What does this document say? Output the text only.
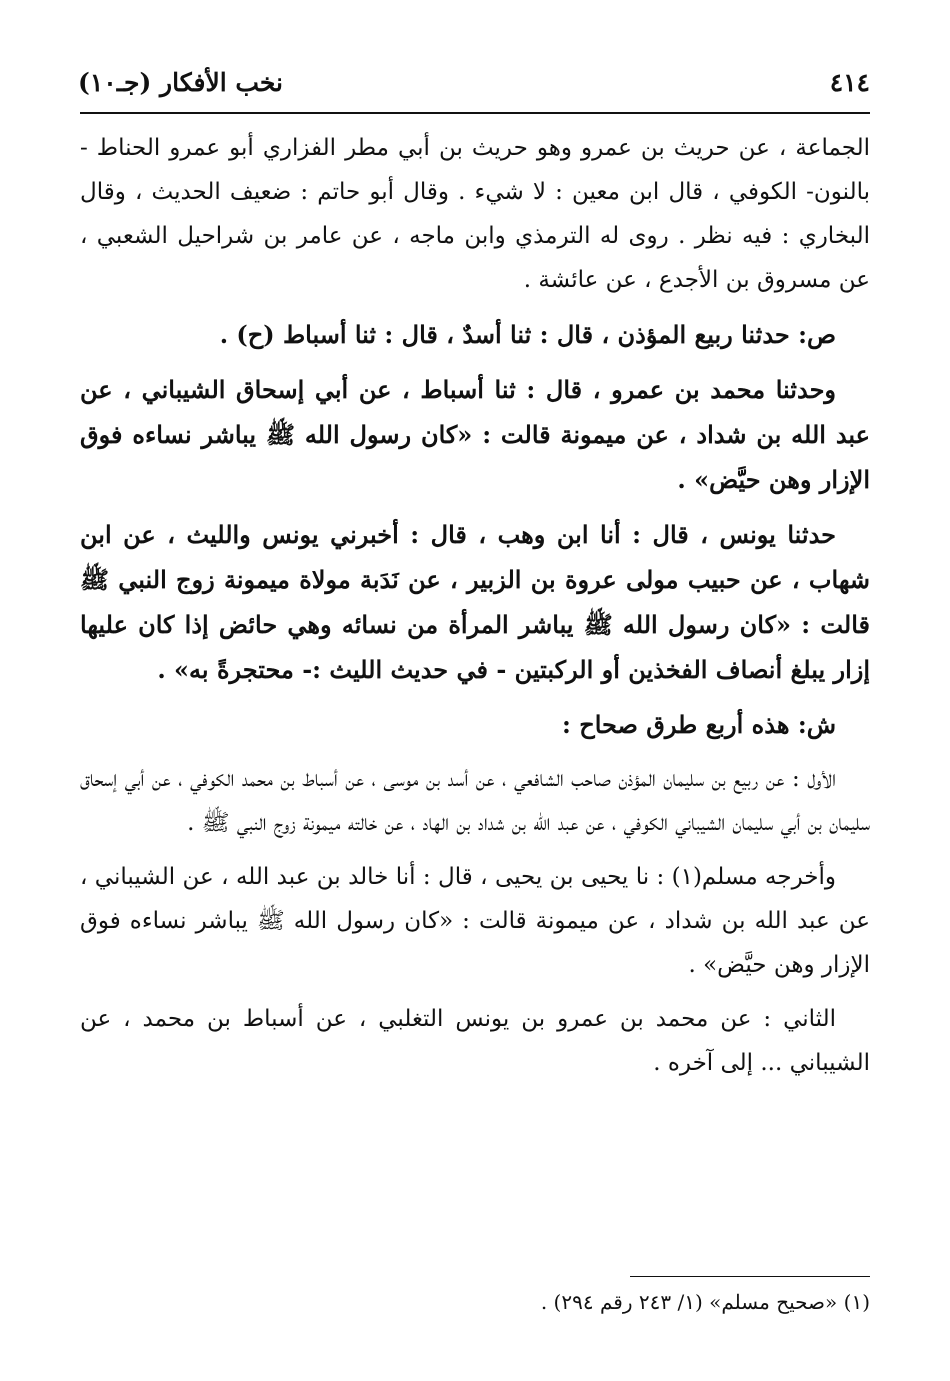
٤١٤
نخب الأفكار (جـ١٠)

الجماعة ، عن حريث بن عمرو وهو حريث بن أبي مطر الفزاري أبو عمرو الحناط - بالنون- الكوفي ، قال ابن معين : لا شيء . وقال أبو حاتم : ضعيف الحديث ، وقال البخاري : فيه نظر . روى له الترمذي وابن ماجه ، عن عامر بن شراحيل الشعبي ، عن مسروق بن الأجدع ، عن عائشة .

ص: حدثنا ربيع المؤذن ، قال : ثنا أسدٌ ، قال : ثنا أسباط (ح) .

وحدثنا محمد بن عمرو ، قال : ثنا أسباط ، عن أبي إسحاق الشيباني ، عن عبد الله بن شداد ، عن ميمونة قالت : «كان رسول الله ﷺ يباشر نساءه فوق الإزار وهن حيَّض» .

حدثنا يونس ، قال : أنا ابن وهب ، قال : أخبرني يونس والليث ، عن ابن شهاب ، عن حبيب مولى عروة بن الزبير ، عن نَدَبة مولاة ميمونة زوج النبي ﷺ قالت : «كان رسول الله ﷺ يباشر المرأة من نسائه وهي حائض إذا كان عليها إزار يبلغ أنصاف الفخذين أو الركبتين - في حديث الليث :- محتجرةً به» .

ش: هذه أربع طرق صحاح :

الأول : عن ربيع بن سليمان المؤذن صاحب الشافعي ، عن أسد بن موسى ، عن أسباط بن محمد الكوفي ، عن أبي إسحاق سليمان بن أبي سليمان الشيباني الكوفي ، عن عبد الله بن شداد بن الهاد ، عن خالته ميمونة زوج النبي ﷺ .

وأخرجه مسلم(١) : نا يحيى بن يحيى ، قال : أنا خالد بن عبد الله ، عن الشيباني ، عن عبد الله بن شداد ، عن ميمونة قالت : «كان رسول الله ﷺ يباشر نساءه فوق الإزار وهن حيَّض» .

الثاني : عن محمد بن عمرو بن يونس التغلبي ، عن أسباط بن محمد ، عن الشيباني ... إلى آخره .

(١) «صحيح مسلم» (١/ ٢٤٣ رقم ٢٩٤) .
